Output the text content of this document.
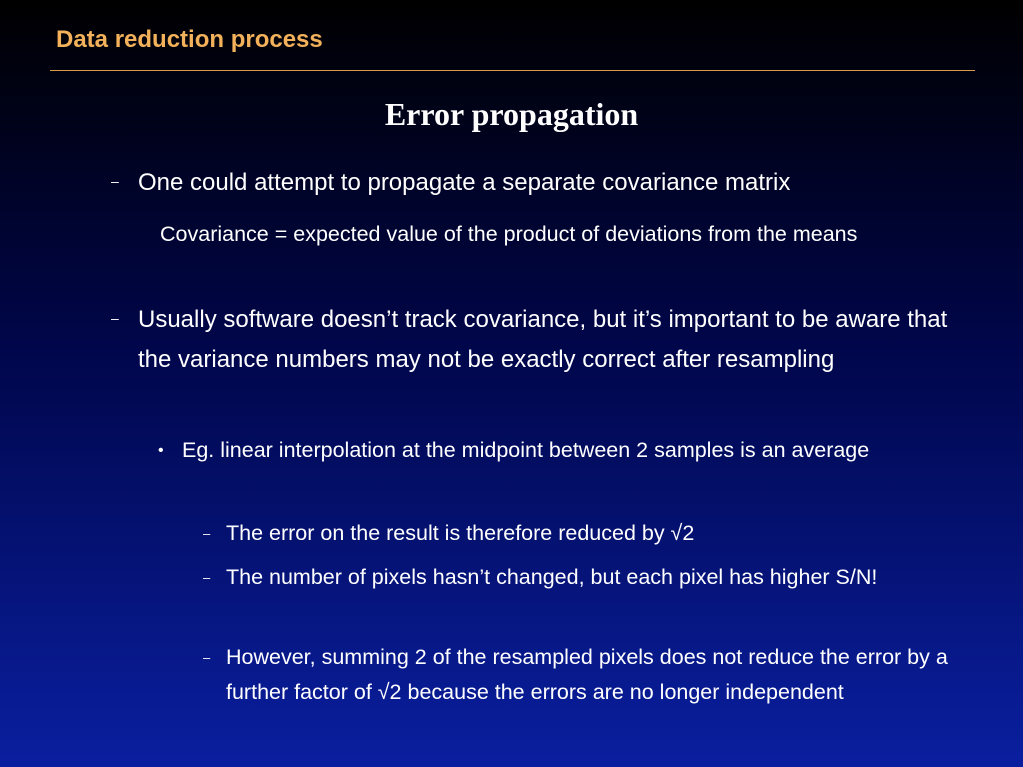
Data reduction process
Error propagation
– One could attempt to propagate a separate covariance matrix
Covariance = expected value of the product of deviations from the means
– Usually software doesn’t track covariance, but it’s important to be aware that the variance numbers may not be exactly correct after resampling
• Eg. linear interpolation at the midpoint between 2 samples is an average
– The error on the result is therefore reduced by √2
– The number of pixels hasn’t changed, but each pixel has higher S/N!
– However, summing 2 of the resampled pixels does not reduce the error by a further factor of √2 because the errors are no longer independent
